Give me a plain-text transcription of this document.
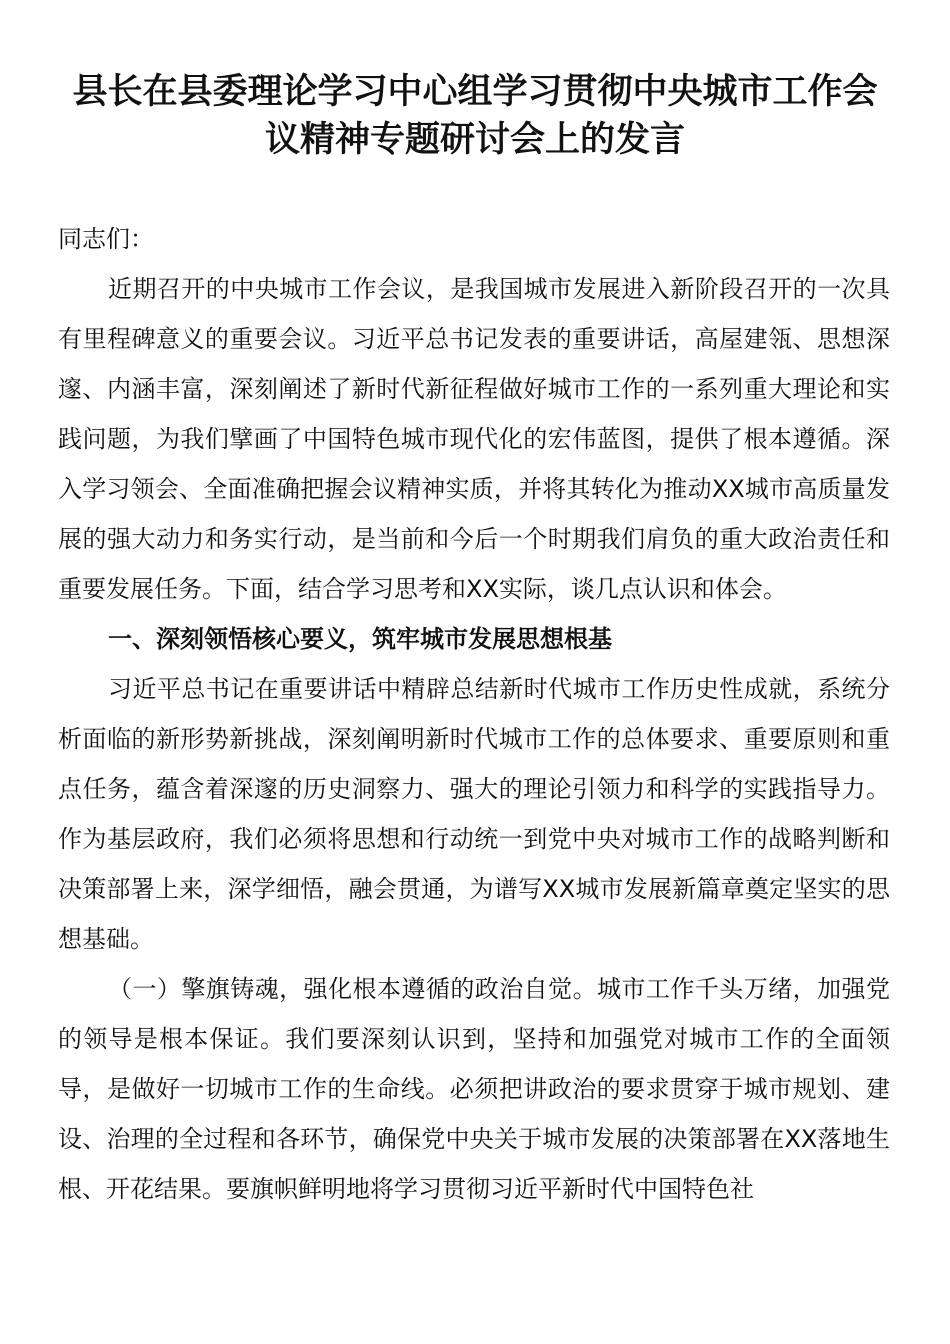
县长在县委理论学习中心组学习贯彻中央城市工作会
议精神专题研讨会上的发言

同志们：

近期召开的中央城市工作会议，是我国城市发展进入新阶段召开的一次具有里程碑意义的重要会议。习近平总书记发表的重要讲话，高屋建瓴、思想深邃、内涵丰富，深刻阐述了新时代新征程做好城市工作的一系列重大理论和实践问题，为我们擘画了中国特色城市现代化的宏伟蓝图，提供了根本遵循。深入学习领会、全面准确把握会议精神实质，并将其转化为推动XX城市高质量发展的强大动力和务实行动，是当前和今后一个时期我们肩负的重大政治责任和重要发展任务。下面，结合学习思考和XX实际，谈几点认识和体会。

一、深刻领悟核心要义，筑牢城市发展思想根基

习近平总书记在重要讲话中精辟总结新时代城市工作历史性成就，系统分析面临的新形势新挑战，深刻阐明新时代城市工作的总体要求、重要原则和重点任务，蕴含着深邃的历史洞察力、强大的理论引领力和科学的实践指导力。作为基层政府，我们必须将思想和行动统一到党中央对城市工作的战略判断和决策部署上来，深学细悟，融会贯通，为谱写XX城市发展新篇章奠定坚实的思想基础。

（一）擎旗铸魂，强化根本遵循的政治自觉。城市工作千头万绪，加强党的领导是根本保证。我们要深刻认识到，坚持和加强党对城市工作的全面领导，是做好一切城市工作的生命线。必须把讲政治的要求贯穿于城市规划、建设、治理的全过程和各环节，确保党中央关于城市发展的决策部署在XX落地生根、开花结果。要旗帜鲜明地将学习贯彻习近平新时代中国特色社
